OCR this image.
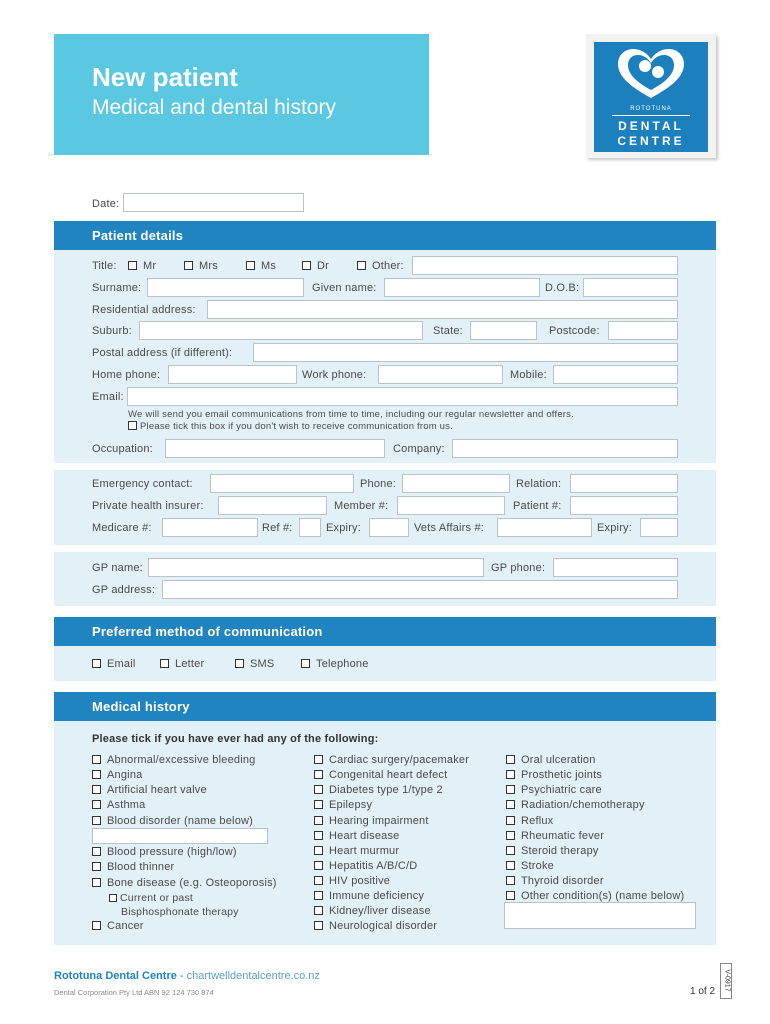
New patient
Medical and dental history	ROTOTUNA
DENTAL
CENTRE
Date:
Patient details
Title:	Mr	Mrs	Ms	Dr	Other:
Surname:	Given name:	D.O.B:
Residential address:
Suburb:	State:	Postcode:
Postal address (if different):
Home phone:	Work phone:	Mobile:
Email:
We will send you email communications from time to time, including our regular newsletter and offers.
Please tick this box if you don't wish to receive communication from us.
Occupation:	Company:
Emergency contact:	Phone:	Relation:
Private health insurer:	Member #:	Patient #:
Medicare #:	Ref #:	Expiry:	Vets Affairs #:	Expiry:
GP name:	GP phone:
GP address:
Preferred method of communication
Email	Letter	SMS	Telephone
Medical history
Please tick if you have ever had any of the following:
Abnormal/excessive bleeding
Angina
Artificial heart valve
Asthma
Blood disorder (name below)
Blood pressure (high/low)
Blood thinner
Bone disease (e.g. Osteoporosis)
Current or past
Bisphosphonate therapy
Cancer
Cardiac surgery/pacemaker
Congenital heart defect
Diabetes type 1/type 2
Epilepsy
Hearing impairment
Heart disease
Heart murmur
Hepatitis A/B/C/D
HIV positive
Immune deficiency
Kidney/liver disease
Neurological disorder
Oral ulceration
Prosthetic joints
Psychiatric care
Radiation/chemotherapy
Reflux
Rheumatic fever
Steroid therapy
Stroke
Thyroid disorder
Other condition(s) (name below)
Rototuna Dental Centre - chartwelldentalcentre.co.nz
Dental Corporation Pty Ltd ABN 92 124 730 874	1 of 2 V-0917
